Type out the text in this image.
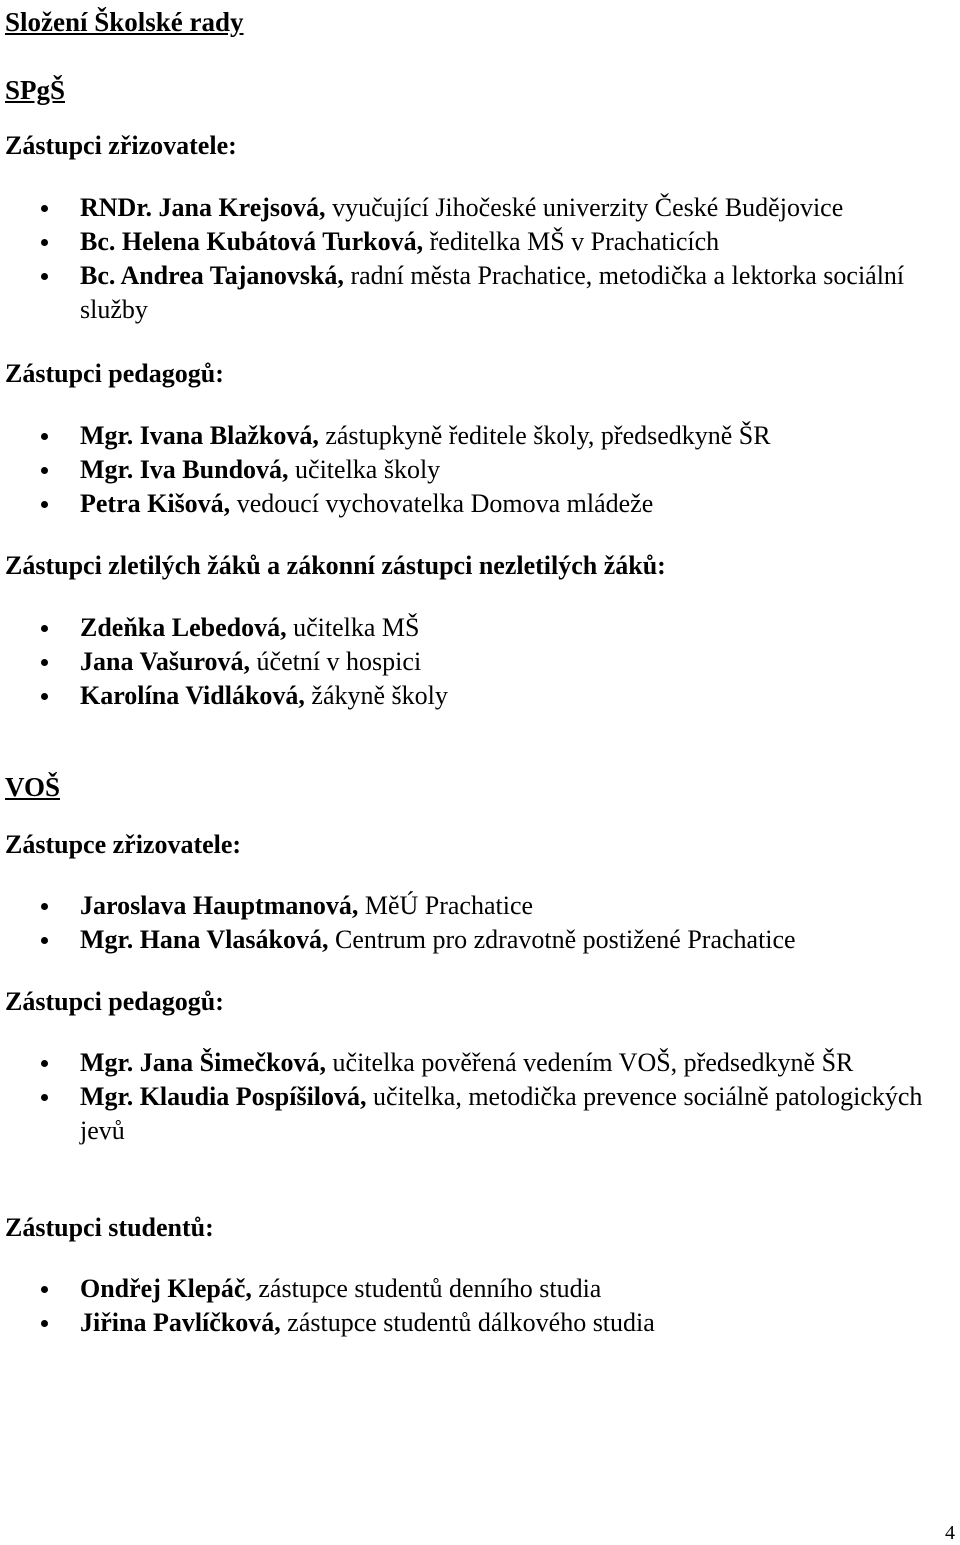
Složení Školské rady
SPgŠ
Zástupci zřizovatele:
RNDr. Jana Krejsová, vyučující Jihočeské univerzity České Budějovice
Bc. Helena Kubátová Turková, ředitelka MŠ v Prachaticích
Bc. Andrea Tajanovská, radní města Prachatice, metodička a lektorka sociální služby
Zástupci pedagogů:
Mgr. Ivana Blažková, zástupkyně ředitele školy, předsedkyně ŠR
Mgr. Iva Bundová, učitelka školy
Petra Kišová, vedoucí vychovatelka Domova mládeže
Zástupci zletilých žáků a zákonní zástupci nezletilých žáků:
Zdeňka Lebedová, učitelka MŠ
Jana Vašurová, účetní v hospici
Karolína Vidláková, žákyně školy
VOŠ
Zástupce zřizovatele:
Jaroslava Hauptmanová, MěÚ Prachatice
Mgr. Hana Vlasáková, Centrum pro zdravotně postižené Prachatice
Zástupci pedagogů:
Mgr. Jana Šimečková, učitelka pověřená vedením VOŠ, předsedkyně ŠR
Mgr. Klaudia Pospíšilová, učitelka, metodička prevence sociálně patologických jevů
Zástupci studentů:
Ondřej Klepáč, zástupce studentů denního studia
Jiřina Pavlíčková, zástupce studentů dálkového studia
4
